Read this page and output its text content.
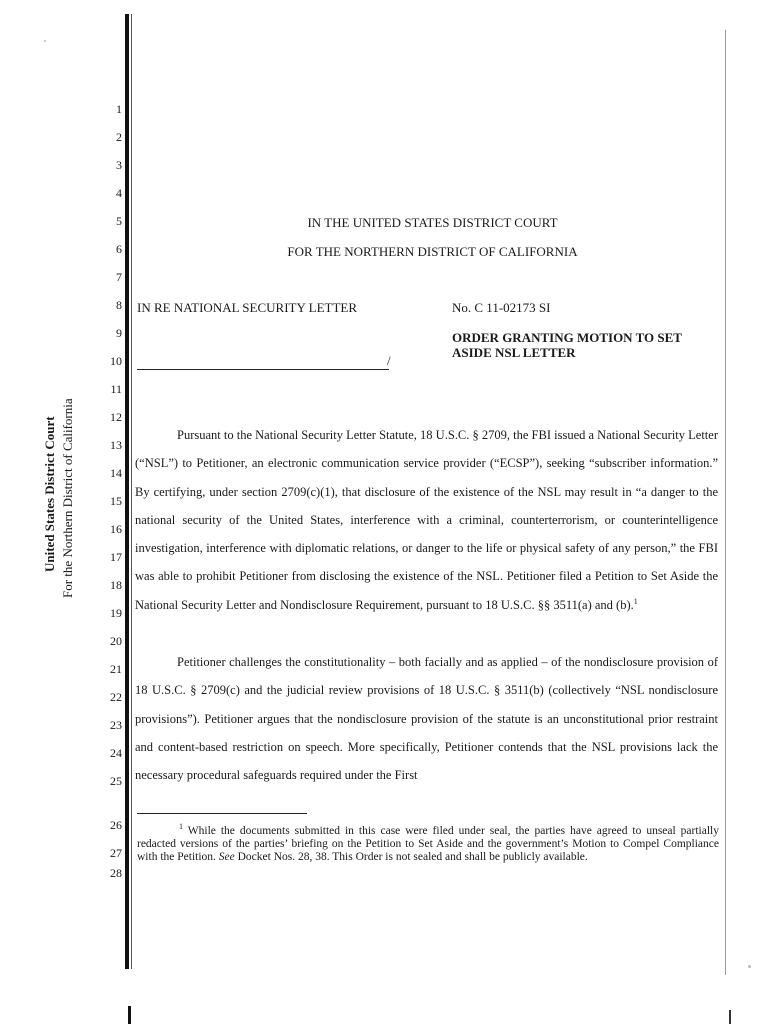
United States District Court For the Northern District of California
1
2
3
4
5
6
7
8
9
10
11
12
13
14
15
16
17
18
19
20
21
22
23
24
25
26
27
28
IN THE UNITED STATES DISTRICT COURT
FOR THE NORTHERN DISTRICT OF CALIFORNIA
IN RE NATIONAL SECURITY LETTER
/
No. C 11-02173 SI
ORDER GRANTING MOTION TO SET ASIDE NSL LETTER
Pursuant to the National Security Letter Statute, 18 U.S.C. § 2709, the FBI issued a National Security Letter (“NSL”) to Petitioner, an electronic communication service provider (“ECSP”), seeking “subscriber information.” By certifying, under section 2709(c)(1), that disclosure of the existence of the NSL may result in “a danger to the national security of the United States, interference with a criminal, counterterrorism, or counterintelligence investigation, interference with diplomatic relations, or danger to the life or physical safety of any person,” the FBI was able to prohibit Petitioner from disclosing the existence of the NSL. Petitioner filed a Petition to Set Aside the National Security Letter and Nondisclosure Requirement, pursuant to 18 U.S.C. §§ 3511(a) and (b).$^1$
Petitioner challenges the constitutionality – both facially and as applied – of the nondisclosure provision of 18 U.S.C. § 2709(c) and the judicial review provisions of 18 U.S.C. § 3511(b) (collectively “NSL nondisclosure provisions”). Petitioner argues that the nondisclosure provision of the statute is an unconstitutional prior restraint and content-based restriction on speech. More specifically, Petitioner contends that the NSL provisions lack the necessary procedural safeguards required under the First
$^1$ While the documents submitted in this case were filed under seal, the parties have agreed to unseal partially redacted versions of the parties’ briefing on the Petition to Set Aside and the government’s Motion to Compel Compliance with the Petition. See Docket Nos. 28, 38. This Order is not sealed and shall be publicly available.
